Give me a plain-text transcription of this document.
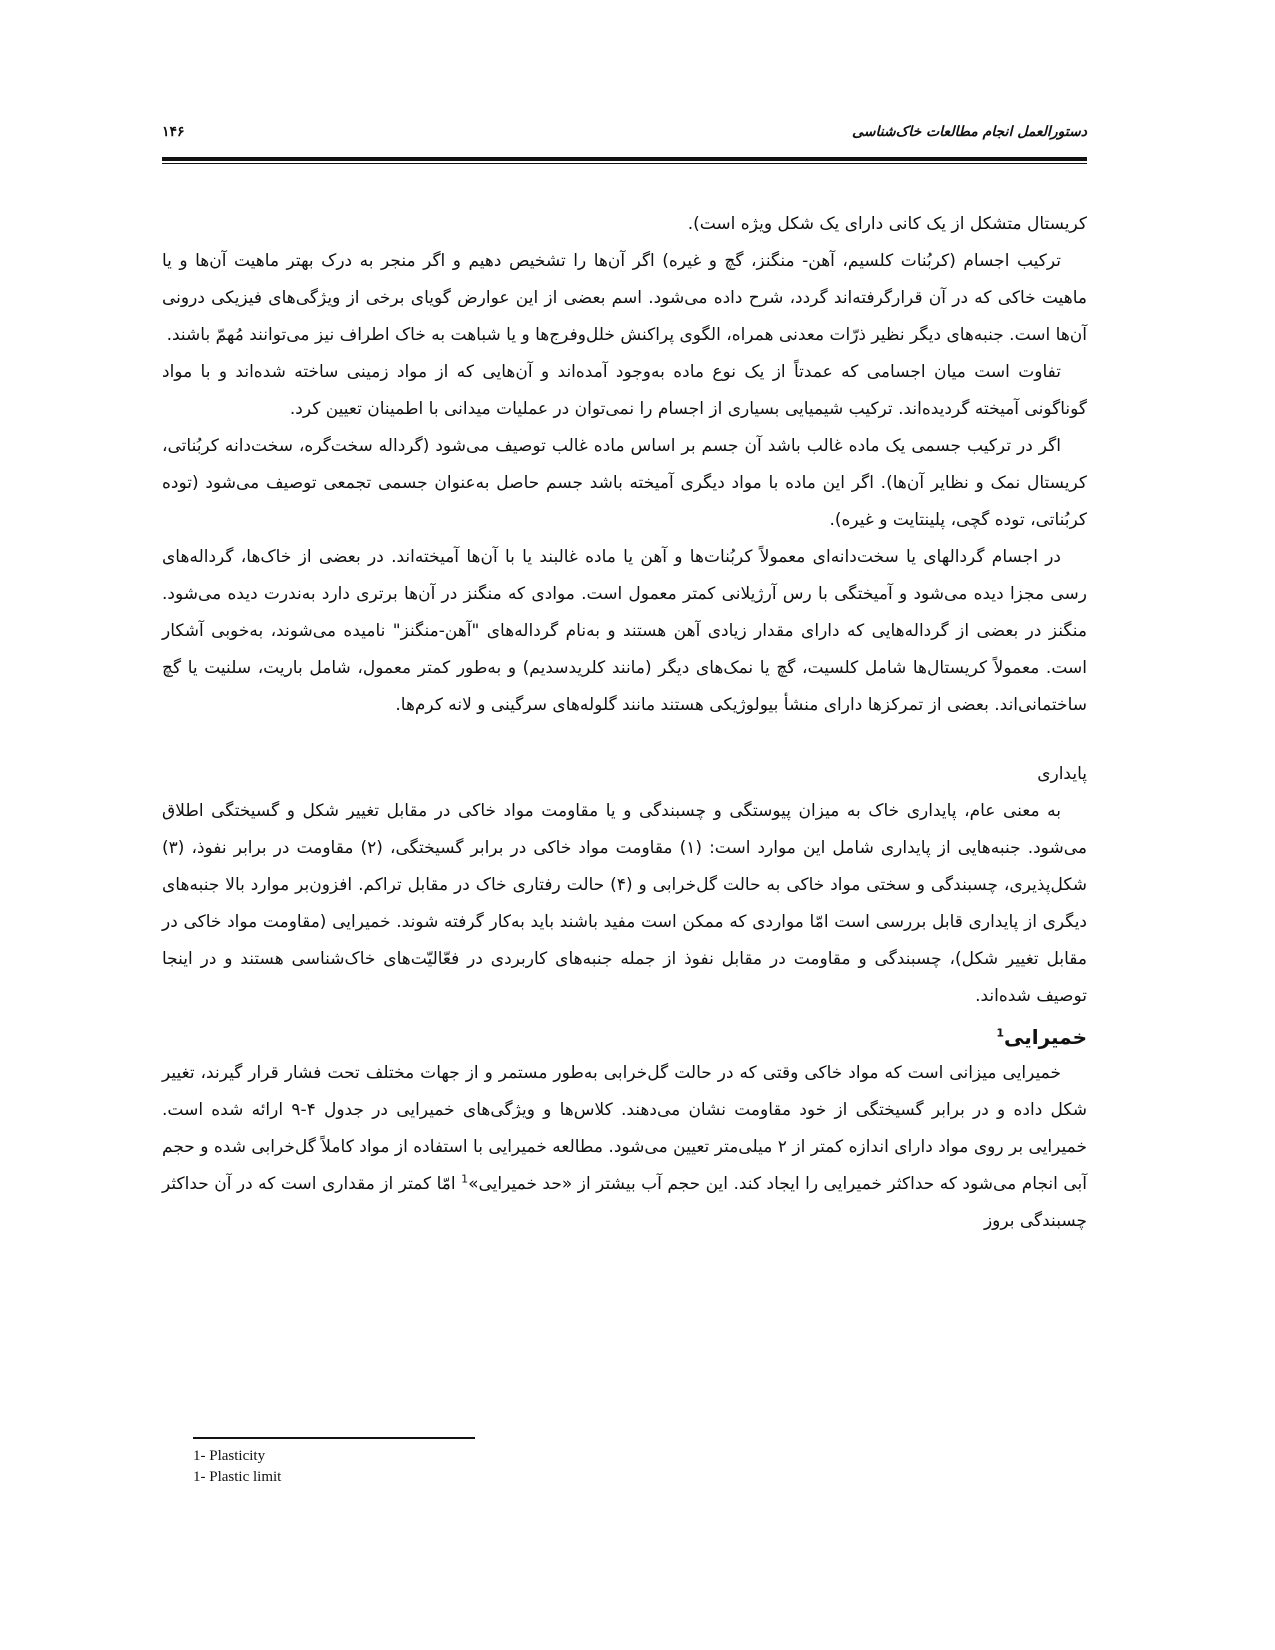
۱۴۶	دستورالعمل انجام مطالعات خاک‌شناسی

کریستال متشکل از یک کانی دارای یک شکل ویژه است).

ترکیب اجسام (کربُنات کلسیم، آهن- منگنز، گچ و غیره) اگر آن‌ها را تشخیص دهیم و اگر منجر به درک بهتر ماهیت آن‌ها و یا ماهیت خاکی که در آن قرارگرفته‌اند گردد، شرح داده می‌شود. اسم بعضی از این عوارض گویای برخی از ویژگی‌های فیزیکی درونی آن‌ها است. جنبه‌های دیگر نظیر ذرّات معدنی همراه، الگوی پراکنش خلل‌وفرج‌ها و یا شباهت به خاک اطراف نیز می‌توانند مُهمّ باشند.

تفاوت است میان اجسامی که عمدتاً از یک نوع ماده به‌وجود آمده‌اند و آن‌هایی که از مواد زمینی ساخته شده‌اند و با مواد گوناگونی آمیخته گردیده‌اند. ترکیب شیمیایی بسیاری از اجسام را نمی‌توان در عملیات میدانی با اطمینان تعیین کرد.

اگر در ترکیب جسمی یک ماده غالب باشد آن جسم بر اساس ماده غالب توصیف می‌شود (گرداله سخت‌گره، سخت‌دانه کربُناتی، کریستال نمک و نظایر آن‌ها). اگر این ماده با مواد دیگری آمیخته باشد جسم حاصل به‌عنوان جسمی تجمعی توصیف می‌شود (توده کربُناتی، توده گچی، پلینتایت و غیره).

در اجسام گردالهای یا سخت‌دانه‌ای معمولاً کربُنات‌ها و آهن یا ماده غالبند یا با آن‌ها آمیخته‌اند. در بعضی از خاک‌ها، گرداله‌های رسی مجزا دیده می‌شود و آمیختگی با رس آرژیلانی کمتر معمول است. موادی که منگنز در آن‌ها برتری دارد به‌ندرت دیده می‌شود. منگنز در بعضی از گرداله‌هایی که دارای مقدار زیادی آهن هستند و به‌نام گرداله‌های "آهن-منگنز" نامیده می‌شوند، به‌خوبی آشکار است. معمولاً کریستال‌ها شامل کلسیت، گچ یا نمک‌های دیگر (مانند کلریدسدیم) و به‌طور کمتر معمول، شامل باریت، سلنیت یا گچ ساختمانی‌اند. بعضی از تمرکزها دارای منشأ بیولوژیکی هستند مانند گلوله‌های سرگینی و لانه کرم‌ها.

پایداری

به معنی عام، پایداری خاک به میزان پیوستگی و چسبندگی و یا مقاومت مواد خاکی در مقابل تغییر شکل و گسیختگی اطلاق می‌شود. جنبه‌هایی از پایداری شامل این موارد است: (۱) مقاومت مواد خاکی در برابر گسیختگی، (۲) مقاومت در برابر نفوذ، (۳) شکل‌پذیری، چسبندگی و سختی مواد خاکی به حالت گل‌خرابی و (۴) حالت رفتاری خاک در مقابل تراکم. افزون‌بر موارد بالا جنبه‌های دیگری از پایداری قابل بررسی است امّا مواردی که ممکن است مفید باشند باید به‌کار گرفته شوند. خمیرایی (مقاومت مواد خاکی در مقابل تغییر شکل)، چسبندگی و مقاومت در مقابل نفوذ از جمله جنبه‌های کاربردی در فعّالیّت‌های خاک‌شناسی هستند و در اینجا توصیف شده‌اند.

خمیرایی$^1$

خمیرایی میزانی است که مواد خاکی وقتی که در حالت گل‌خرابی به‌طور مستمر و از جهات مختلف تحت فشار قرار گیرند، تغییر شکل داده و در برابر گسیختگی از خود مقاومت نشان می‌دهند. کلاس‌ها و ویژگی‌های خمیرایی در جدول ۴-۹ ارائه شده است. خمیرایی بر روی مواد دارای اندازه کمتر از ۲ میلی‌متر تعیین می‌شود. مطالعه خمیرایی با استفاده از مواد کاملاً گل‌خرابی شده و حجم آبی انجام می‌شود که حداکثر خمیرایی را ایجاد کند. این حجم آب بیشتر از «حد خمیرایی»$^1$ امّا کمتر از مقداری است که در آن حداکثر چسبندگی بروز

1- Plasticity
1- Plastic limit
